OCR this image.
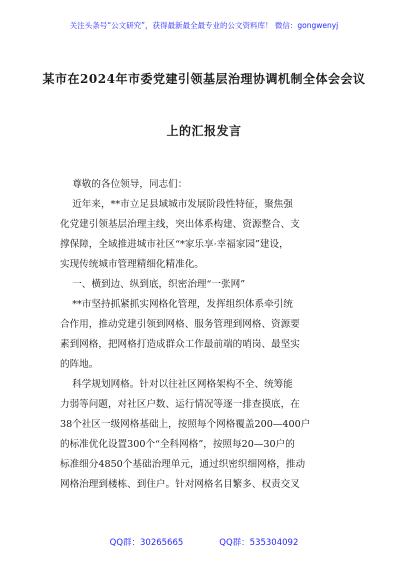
关注头条号“公文研究”，获得最新最全最专业的公文资料库！ 微信：gongwenyj
某市在2024年市委党建引领基层治理协调机制全体会会议
上的汇报发言

尊敬的各位领导，同志们：

近年来，**市立足县域城市发展阶段性特征，聚焦强

化党建引领基层治理主线，突出体系构建、资源整合、支

撑保障，全域推进城市社区“*家乐享·幸福家园”建设，

实现传统城市管理精细化精准化。

一、横到边、纵到底，织密治理“一张网”

**市坚持抓紧抓实网格化管理，发挥组织体系牵引统

合作用，推动党建引领到网格、服务管理到网格、资源要

素到网格，把网格打造成群众工作最前端的哨岗、最坚实

的阵地。

科学规划网格。针对以往社区网格架构不全、统筹能

力弱等问题，对社区户数、运行情况等逐一排查摸底，在

38个社区一级网格基础上，按照每个网格覆盖200—400户

的标准优化设置300个“全科网格”，按照每20—30户的

标准细分4850个基础治理单元，通过织密织细网格，推动

网格治理到楼栋、到住户。针对网格名目繁多、权责交叉

QQ群：30265665	QQ群：535304092
